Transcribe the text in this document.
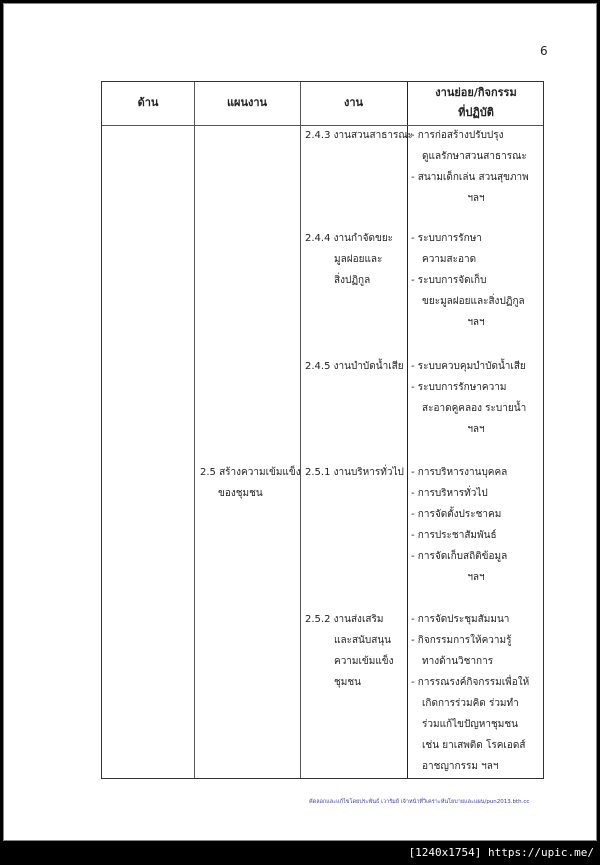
6
ด้าน	แผนงาน	งาน
งานย่อย/กิจกรรม
ที่ปฏิบัติ
2.5 สร้างความเข้มแข็ง
ของชุมชน
2.4.3 งานสวนสาธารณะ
- การก่อสร้างปรับปรุง
ดูแลรักษาสวนสาธารณะ
- สนามเด็กเล่น สวนสุขภาพ
ฯลฯ
2.4.4 งานกำจัดขยะ
มูลฝอยและ
สิ่งปฏิกูล
- ระบบการรักษา
ความสะอาด
- ระบบการจัดเก็บ
ขยะมูลฝอยและสิ่งปฏิกูล
ฯลฯ
2.4.5 งานบำบัดน้ำเสีย - ระบบควบคุมบำบัดน้ำเสีย
- ระบบการรักษาความ
สะอาดคูคลอง ระบายน้ำ
ฯลฯ
2.5.1 งานบริหารทั่วไป - การบริหารงานบุคคล
- การบริหารทั่วไป
- การจัดตั้งประชาคม
- การประชาสัมพันธ์
- การจัดเก็บสถิติข้อมูล
ฯลฯ
2.5.2 งานส่งเสริม
และสนับสนุน
ความเข้มแข็ง
ชุมชน
- การจัดประชุมสัมมนา
- กิจกรรมการให้ความรู้
ทางด้านวิชาการ
- การรณรงค์กิจกรรมเพื่อให้
เกิดการร่วมคิด ร่วมทำ
ร่วมแก้ไขปัญหาชุมชน
เช่น ยาเสพติด โรคเอดส์
อาชญากรรม ฯลฯ
คัดลอกและแก้ไขโดยประพันธ์ เวารัมย์ เจ้าหน้าที่วิเคราะห์นโยบายและแผน/pun2013.bth.cc
[1240x1754] https://upic.me/
